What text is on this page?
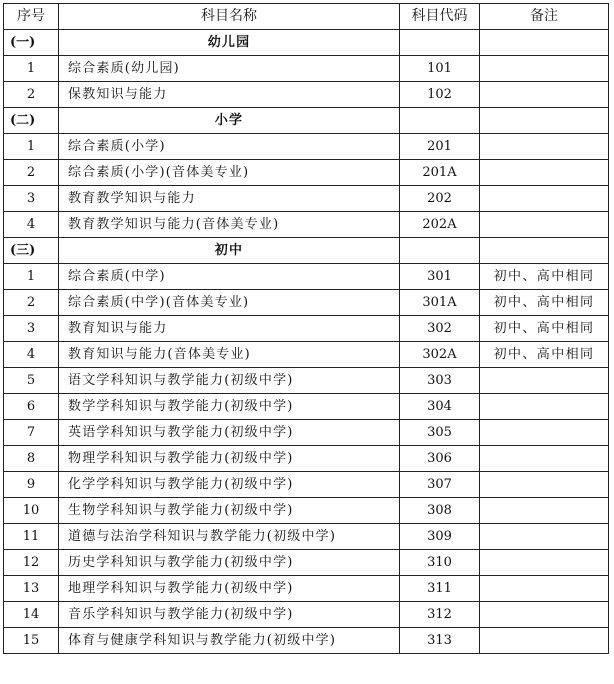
序号	科目名称	科目代码	备注
(一)	幼儿园		
1	综合素质(幼儿园)	101	
2	保教知识与能力	102	
(二)	小学		
1	综合素质(小学)	201	
2	综合素质(小学)(音体美专业)	201A	
3	教育教学知识与能力	202	
4	教育教学知识与能力(音体美专业)	202A	
(三)	初中		
1	综合素质(中学)	301	初中、高中相同
2	综合素质(中学)(音体美专业)	301A	初中、高中相同
3	教育知识与能力	302	初中、高中相同
4	教育知识与能力(音体美专业)	302A	初中、高中相同
5	语文学科知识与教学能力(初级中学)	303	
6	数学学科知识与教学能力(初级中学)	304	
7	英语学科知识与教学能力(初级中学)	305	
8	物理学科知识与教学能力(初级中学)	306	
9	化学学科知识与教学能力(初级中学)	307	
10	生物学科知识与教学能力(初级中学)	308	
11	道德与法治学科知识与教学能力(初级中学)	309	
12	历史学科知识与教学能力(初级中学)	310	
13	地理学科知识与教学能力(初级中学)	311	
14	音乐学科知识与教学能力(初级中学)	312	
15	体育与健康学科知识与教学能力(初级中学)	313	
